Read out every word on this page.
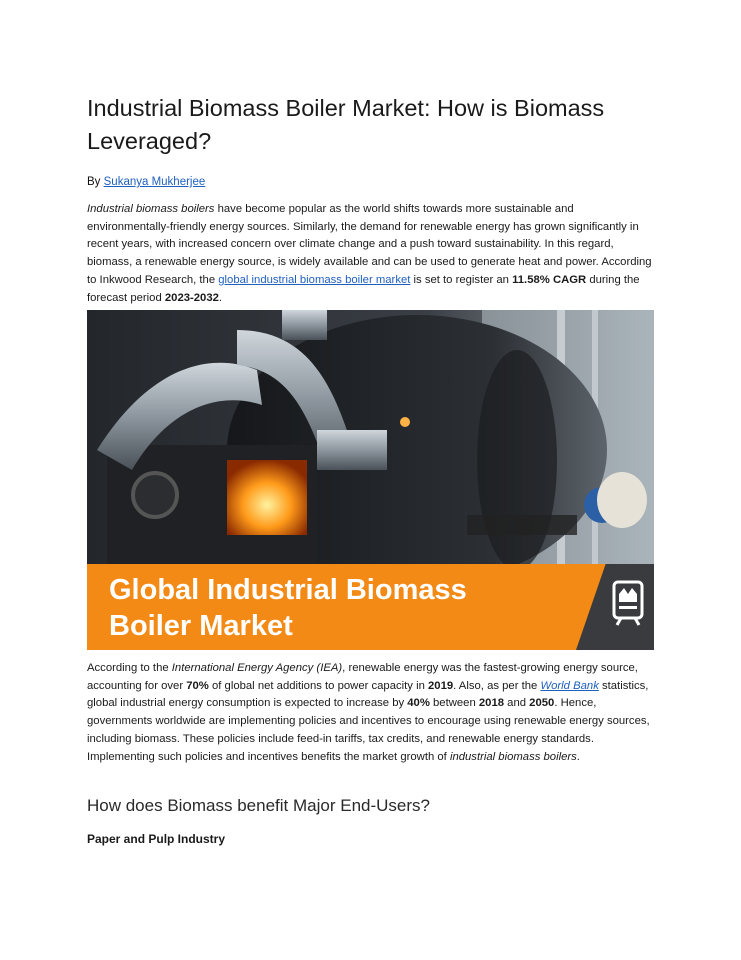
Industrial Biomass Boiler Market: How is Biomass Leveraged?
By Sukanya Mukherjee

Industrial biomass boilers have become popular as the world shifts towards more sustainable and environmentally-friendly energy sources. Similarly, the demand for renewable energy has grown significantly in recent years, with increased concern over climate change and a push toward sustainability. In this regard, biomass, a renewable energy source, is widely available and can be used to generate heat and power. According to Inkwood Research, the global industrial biomass boiler market is set to register an 11.58% CAGR during the forecast period 2023-2032.

Global Industrial Biomass
Boiler Market

According to the International Energy Agency (IEA), renewable energy was the fastest-growing energy source, accounting for over 70% of global net additions to power capacity in 2019. Also, as per the World Bank statistics, global industrial energy consumption is expected to increase by 40% between 2018 and 2050. Hence, governments worldwide are implementing policies and incentives to encourage using renewable energy sources, including biomass. These policies include feed-in tariffs, tax credits, and renewable energy standards. Implementing such policies and incentives benefits the market growth of industrial biomass boilers.

How does Biomass benefit Major End-Users?
Paper and Pulp Industry
